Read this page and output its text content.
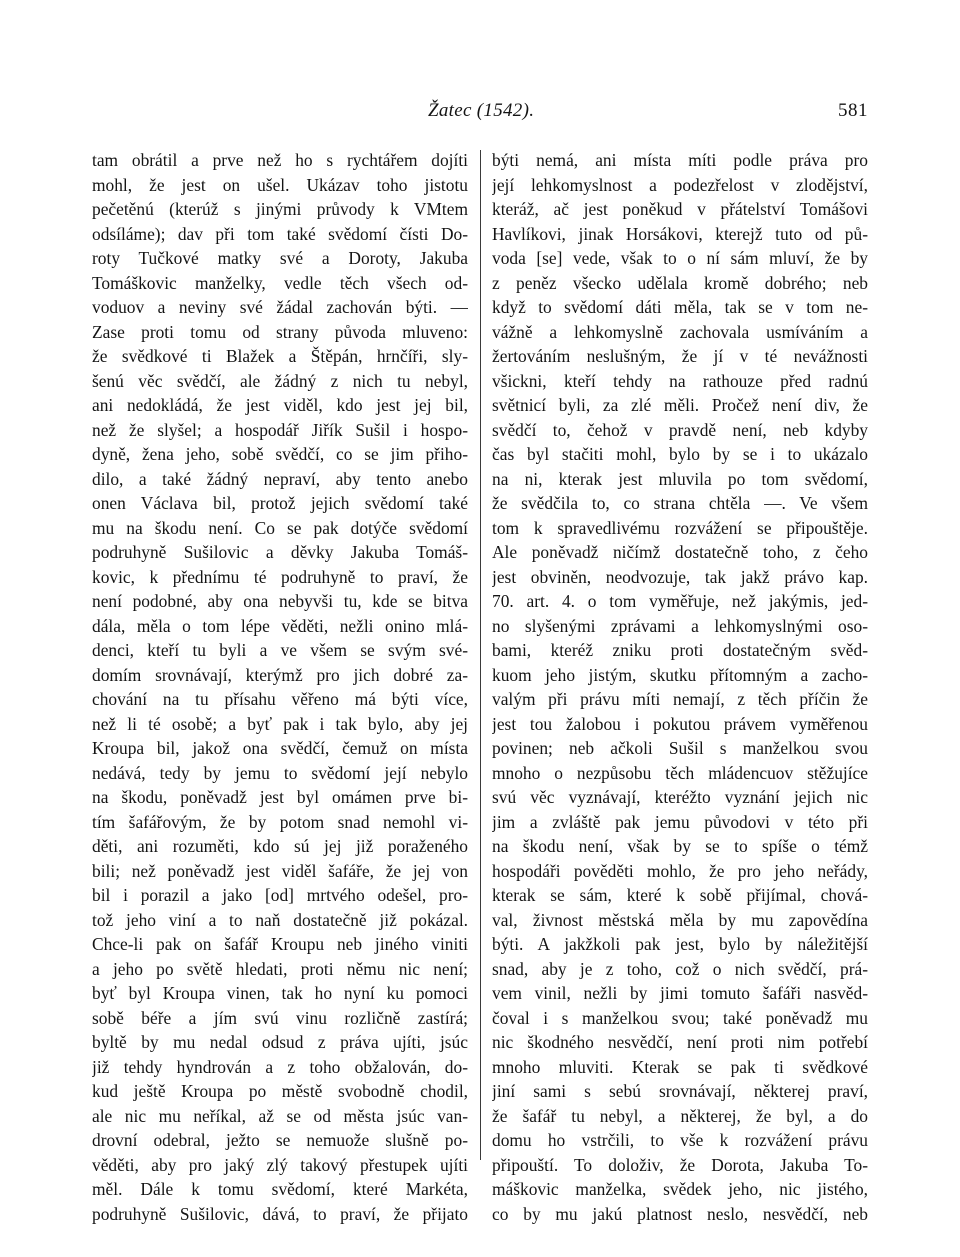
Žatec (1542).	581
tam obrátil a prve než ho s rychtářem dojíti
mohl, že jest on ušel. Ukázav toho jistotu
pečetěnú (kterúž s jinými průvody k VMtem
odsíláme); dav při tom také svědomí čísti Do-
roty Tučkové matky své a Doroty, Jakuba
Tomáškovic manželky, vedle těch všech od-
voduov a neviny své žádal zachován býti. —
Zase proti tomu od strany původa mluveno:
že svědkové ti Blažek a Štěpán, hrnčíři, sly-
šenú věc svědčí, ale žádný z nich tu nebyl,
ani nedokládá, že jest viděl, kdo jest jej bil,
než že slyšel; a hospodář Jiřík Sušil i hospo-
dyně, žena jeho, sobě svědčí, co se jim přiho-
dilo, a také žádný nepraví, aby tento anebo
onen Václava bil, protož jejich svědomí také
mu na škodu není. Co se pak dotýče svědomí
podruhyně Sušilovic a děvky Jakuba Tomáš-
kovic, k přednímu té podruhyně to praví, že
není podobné, aby ona nebyvši tu, kde se bitva
dála, měla o tom lépe věděti, nežli onino mlá-
denci, kteří tu byli a ve všem se svým své-
domím srovnávají, kterýmž pro jich dobré za-
chování na tu přísahu věřeno má býti více,
než li té osobě; a byť pak i tak bylo, aby jej
Kroupa bil, jakož ona svědčí, čemuž on místa
nedává, tedy by jemu to svědomí její nebylo
na škodu, poněvadž jest byl omámen prve bi-
tím šafářovým, že by potom snad nemohl vi-
děti, ani rozuměti, kdo sú jej již poraženého
bili; než poněvadž jest viděl šafáře, že jej von
bil i porazil a jako [od] mrtvého odešel, pro-
tož jeho viní a to naň dostatečně již pokázal.
Chce-li pak on šafář Kroupu neb jiného viniti
a jeho po světě hledati, proti němu nic není;
byť byl Kroupa vinen, tak ho nyní ku pomoci
sobě béře a jím svú vinu rozličně zastírá;
byltě by mu nedal odsud z práva ujíti, jsúc
již tehdy hyndrován a z toho obžalován, do-
kud ještě Kroupa po městě svobodně chodil,
ale nic mu neříkal, až se od města jsúc van-
drovní odebral, ježto se nemuože slušně po-
věděti, aby pro jaký zlý takový přestupek ujíti
měl. Dále k tomu svědomí, které Markéta,
podruhyně Sušilovic, dává, to praví, že přijato
býti nemá, ani místa míti podle práva pro
její lehkomyslnost a podezřelost v zlodějství,
kteráž, ač jest poněkud v přátelství Tomášovi
Havlíkovi, jinak Horsákovi, kterejž tuto od pů-
voda [se] vede, však to o ní sám mluví, že by
z peněz všecko udělala kromě dobrého; neb
když to svědomí dáti měla, tak se v tom ne-
vážně a lehkomyslně zachovala usmíváním a
žertováním neslušným, že jí v té nevážnosti
všickni, kteří tehdy na rathouze před radnú
světnicí byli, za zlé měli. Pročež není div, že
svědčí to, čehož v pravdě není, neb kdyby
čas byl stačiti mohl, bylo by se i to ukázalo
na ni, kterak jest mluvila po tom svědomí,
že svědčila to, co strana chtěla —. Ve všem
tom k spravedlivému rozvážení se připouštěje.
Ale poněvadž ničímž dostatečně toho, z čeho
jest obviněn, neodvozuje, tak jakž právo kap.
70. art. 4. o tom vyměřuje, než jakýmis, jed-
no slyšenými zprávami a lehkomyslnými oso-
bami, kteréž zniku proti dostatečným svěd-
kuom jeho jistým, skutku přítomným a zacho-
valým při právu míti nemají, z těch příčin že
jest tou žalobou i pokutou právem vyměřenou
povinen; neb ačkoli Sušil s manželkou svou
mnoho o nezpůsobu těch mládencuov stěžujíce
svú věc vyznávají, kteréžto vyznání jejich nic
jim a zvláště pak jemu původovi v této při
na škodu není, však by se to spíše o témž
hospodáři pověděti mohlo, že pro jeho neřády,
kterak se sám, které k sobě přijímal, chová-
val, živnost městská měla by mu zapovědína
býti. A jakžkoli pak jest, bylo by náležitější
snad, aby je z toho, což o nich svědčí, prá-
vem vinil, nežli by jimi tomuto šafáři nasvěd-
čoval i s manželkou svou; také poněvadž mu
nic škodného nesvědčí, není proti nim potřebí
mnoho mluviti. Kterak se pak ti svědkové
jiní sami s sebú srovnávají, některej praví,
že šafář tu nebyl, a některej, že byl, a do
domu ho vstrčili, to vše k rozvážení právu
připouští. To doloživ, že Dorota, Jakuba To-
máškovic manželka, svědek jeho, nic jistého,
co by mu jakú platnost neslo, nesvědčí, neb
